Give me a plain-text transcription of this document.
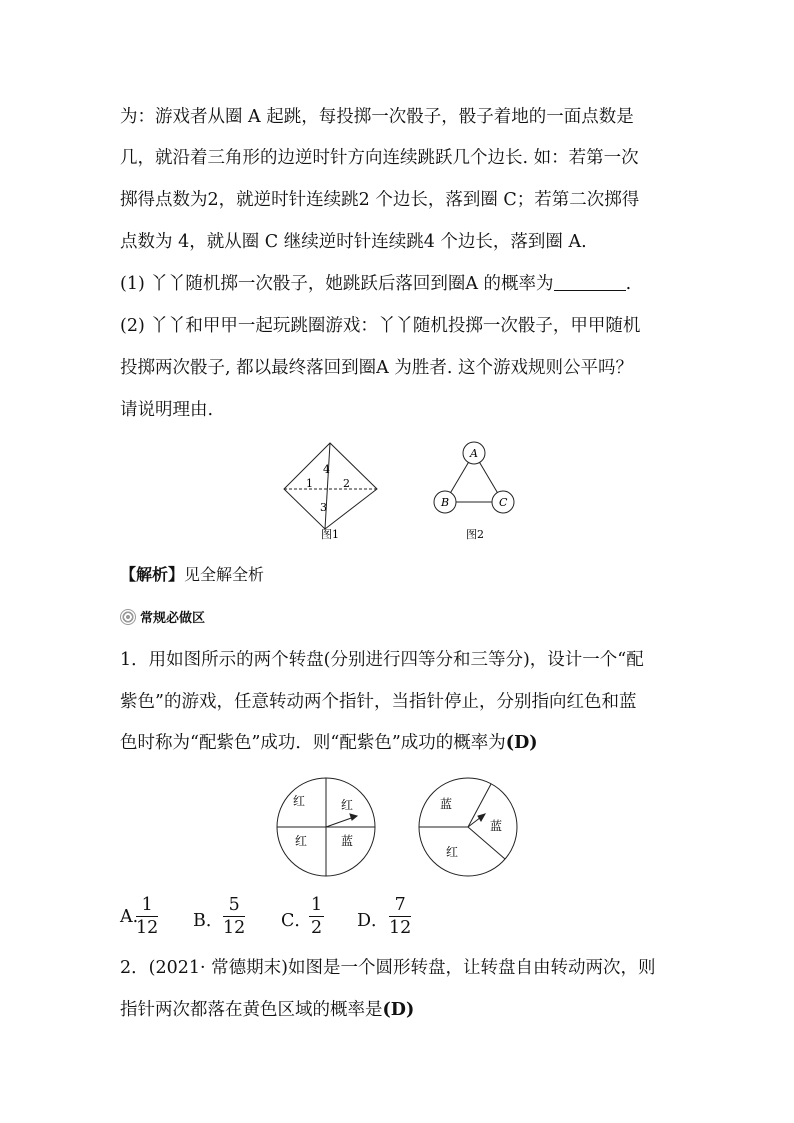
为：游戏者从圈 A 起跳，每投掷一次骰子，骰子着地的一面点数是
几，就沿着三角形的边逆时针方向连续跳跃几个边长. 如：若第一次
掷得点数为2，就逆时针连续跳2 个边长，落到圈 C；若第二次掷得
点数为 4，就从圈 C 继续逆时针连续跳4 个边长，落到圈 A.
(1) 丫丫随机掷一次骰子，她跳跃后落回到圈A 的概率为	.
(2) 丫丫和甲甲一起玩跳圈游戏：丫丫随机投掷一次骰子，甲甲随机
投掷两次骰子, 都以最终落回到圈A 为胜者. 这个游戏规则公平吗？
请说明理由.
4
1	2
3
图1
A
B	C
图2
【解析】见全解全析
常规必做区
1．用如图所示的两个转盘(分别进行四等分和三等分)，设计一个“配
紫色”的游戏，任意转动两个指针，当指针停止，分别指向红色和蓝
色时称为“配紫色”成功．则“配紫色”成功的概率为(D)
红	红
红	蓝
蓝
蓝
红
A.
$\frac{1}{12}$ B． $\frac{5}{12}$ C．
$\frac{1}{2}$ D． $\frac{7}{12}$
2．(2021· 常德期末)如图是一个圆形转盘，让转盘自由转动两次，则
指针两次都落在黄色区域的概率是(D)
